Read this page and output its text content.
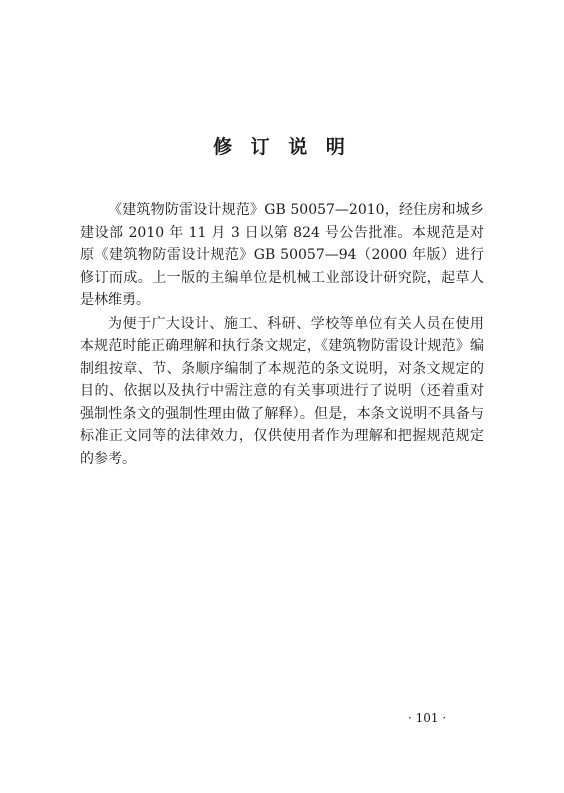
修 订 说 明

《建筑物防雷设计规范》GB 50057—2010，经住房和城乡建设部 2010 年 11 月 3 日以第 824 号公告批准。本规范是对原《建筑物防雷设计规范》GB 50057—94（2000 年版）进行修订而成。上一版的主编单位是机械工业部设计研究院，起草人是林维勇。

为便于广大设计、施工、科研、学校等单位有关人员在使用本规范时能正确理解和执行条文规定，《建筑物防雷设计规范》编制组按章、节、条顺序编制了本规范的条文说明，对条文规定的目的、依据以及执行中需注意的有关事项进行了说明（还着重对强制性条文的强制性理由做了解释）。但是，本条文说明不具备与标准正文同等的法律效力，仅供使用者作为理解和把握规范规定的参考。

· 101 ·
